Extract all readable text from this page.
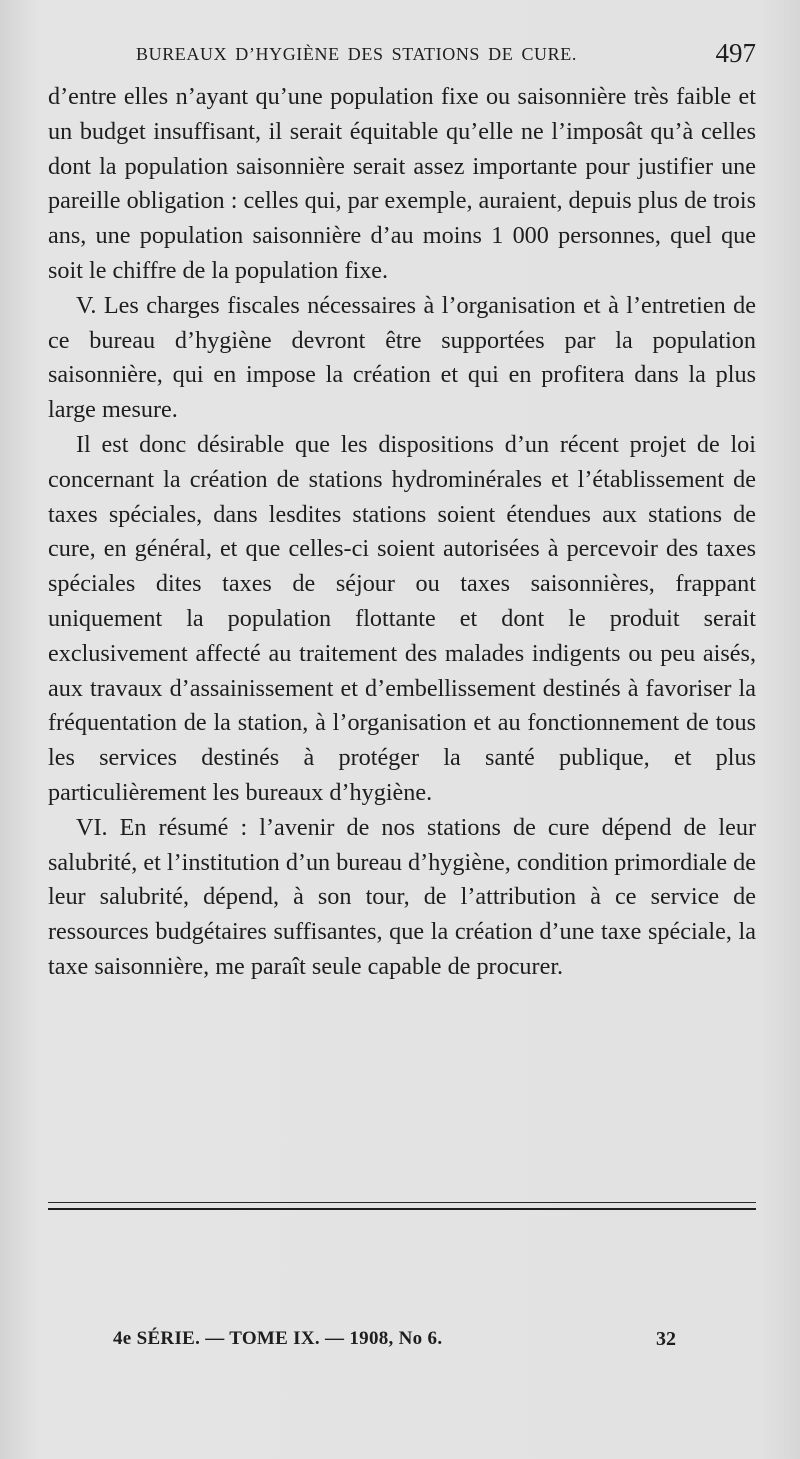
BUREAUX D’HYGIÈNE DES STATIONS DE CURE.	497

d’entre elles n’ayant qu’une population fixe ou saisonnière très faible et un budget insuffisant, il serait équitable qu’elle ne l’imposât qu’à celles dont la population saisonnière serait assez importante pour justifier une pareille obligation : celles qui, par exemple, auraient, depuis plus de trois ans, une population saisonnière d’au moins 1 000 personnes, quel que soit le chiffre de la population fixe.

V. Les charges fiscales nécessaires à l’organisation et à l’entretien de ce bureau d’hygiène devront être supportées par la population saisonnière, qui en impose la création et qui en profitera dans la plus large mesure.

Il est donc désirable que les dispositions d’un récent projet de loi concernant la création de stations hydrominérales et l’établissement de taxes spéciales, dans lesdites stations soient étendues aux stations de cure, en général, et que celles-ci soient autorisées à percevoir des taxes spéciales dites taxes de séjour ou taxes saisonnières, frappant uniquement la population flottante et dont le produit serait exclusivement affecté au traitement des malades indigents ou peu aisés, aux travaux d’assainissement et d’embellissement destinés à favoriser la fréquentation de la station, à l’organisation et au fonctionnement de tous les services destinés à protéger la santé publique, et plus particulièrement les bureaux d’hygiène.

VI. En résumé : l’avenir de nos stations de cure dépend de leur salubrité, et l’institution d’un bureau d’hygiène, condition primordiale de leur salubrité, dépend, à son tour, de l’attribution à ce service de ressources budgétaires suffisantes, que la création d’une taxe spéciale, la taxe saisonnière, me paraît seule capable de procurer.

4e SÉRIE. — TOME IX. — 1908, No 6.	32
